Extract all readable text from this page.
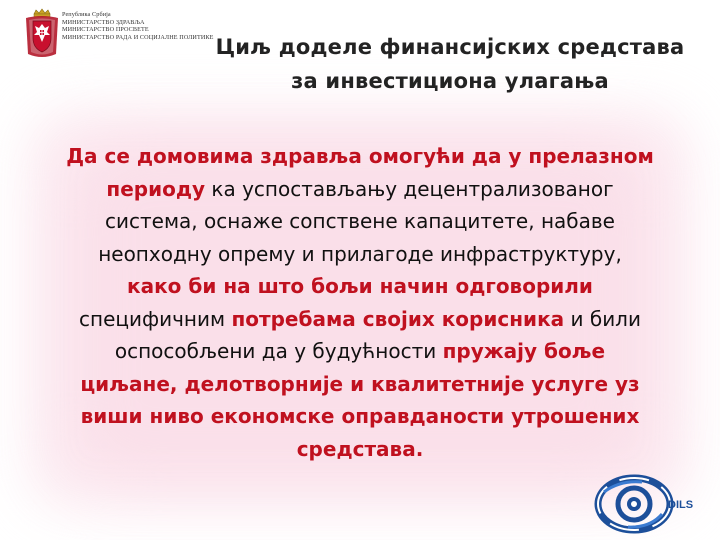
Република Србија
МИНИСТАРСТВО ЗДРАВЉА
МИНИСТАРСТВО ПРОСВЕТЕ
МИНИСТАРСТВО РАДА И СОЦИЈАЛНЕ ПОЛИТИКЕ Циљ доделе финансијских средстава
за инвестициона улагања
Да се домовима здравља омогући да у прелазном
периоду ка успостављању децентрализованог
система, оснаже сопствене капацитете, набаве
неопходну опрему и прилагоде инфраструктуру,
како би на што бољи начин одговорили
специфичним потребама својих корисника и били
оспособљени да у будућности пружају боље
циљане, делотворније и квалитетније услуге уз
виши ниво економске оправданости утрошених
средстава.
DILS
